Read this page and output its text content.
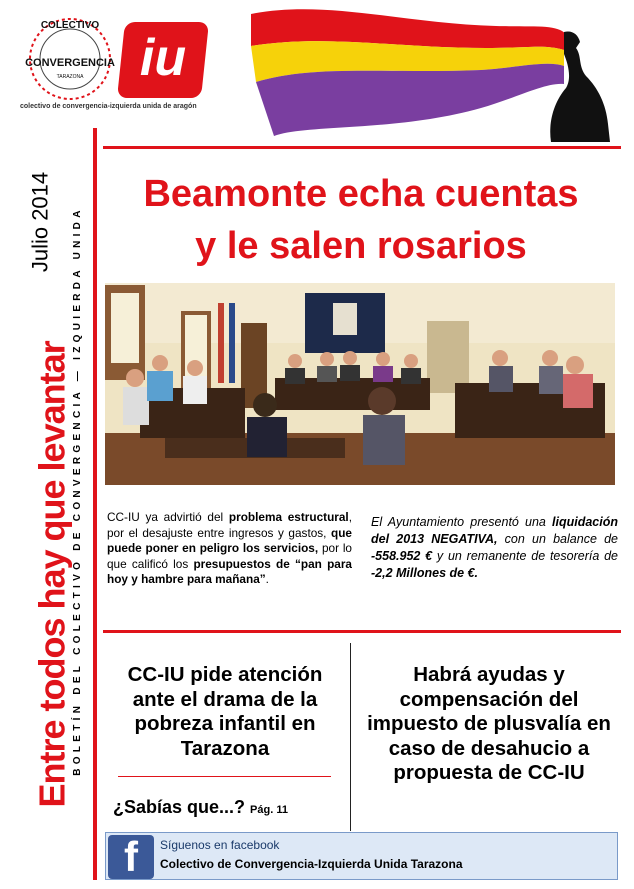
COLECTIVO
CONVERGENCIA
TARAZONA iu
colectivo de convergencia-izquierda unida de aragón
Entre todos hay que levantar
Julio 2014 BOLETÍN DEL COLECTIVO DE CONVERGENCIA — IZQUIERDA UNIDA
Beamonte echa cuentas
y le salen rosarios
CC-IU ya advirtió del problema estructural, por el desajuste entre ingresos y gastos, que puede poner en peligro los servicios, por lo que calificó los presupuestos de “pan para hoy y hambre para mañana”.
El Ayuntamiento presentó una liquidación del 2013 NEGATIVA, con un balance de -558.952 € y un remanente de tesorería de -2,2 Millones de €.
CC-IU pide atención ante el drama de la pobreza infantil en Tarazona
¿Sabías que...? Pág. 11
Habrá ayudas y compensación del impuesto de plusvalía en caso de desahucio a propuesta de CC-IU
f	Síguenos en facebook
Colectivo de Convergencia-Izquierda Unida Tarazona
